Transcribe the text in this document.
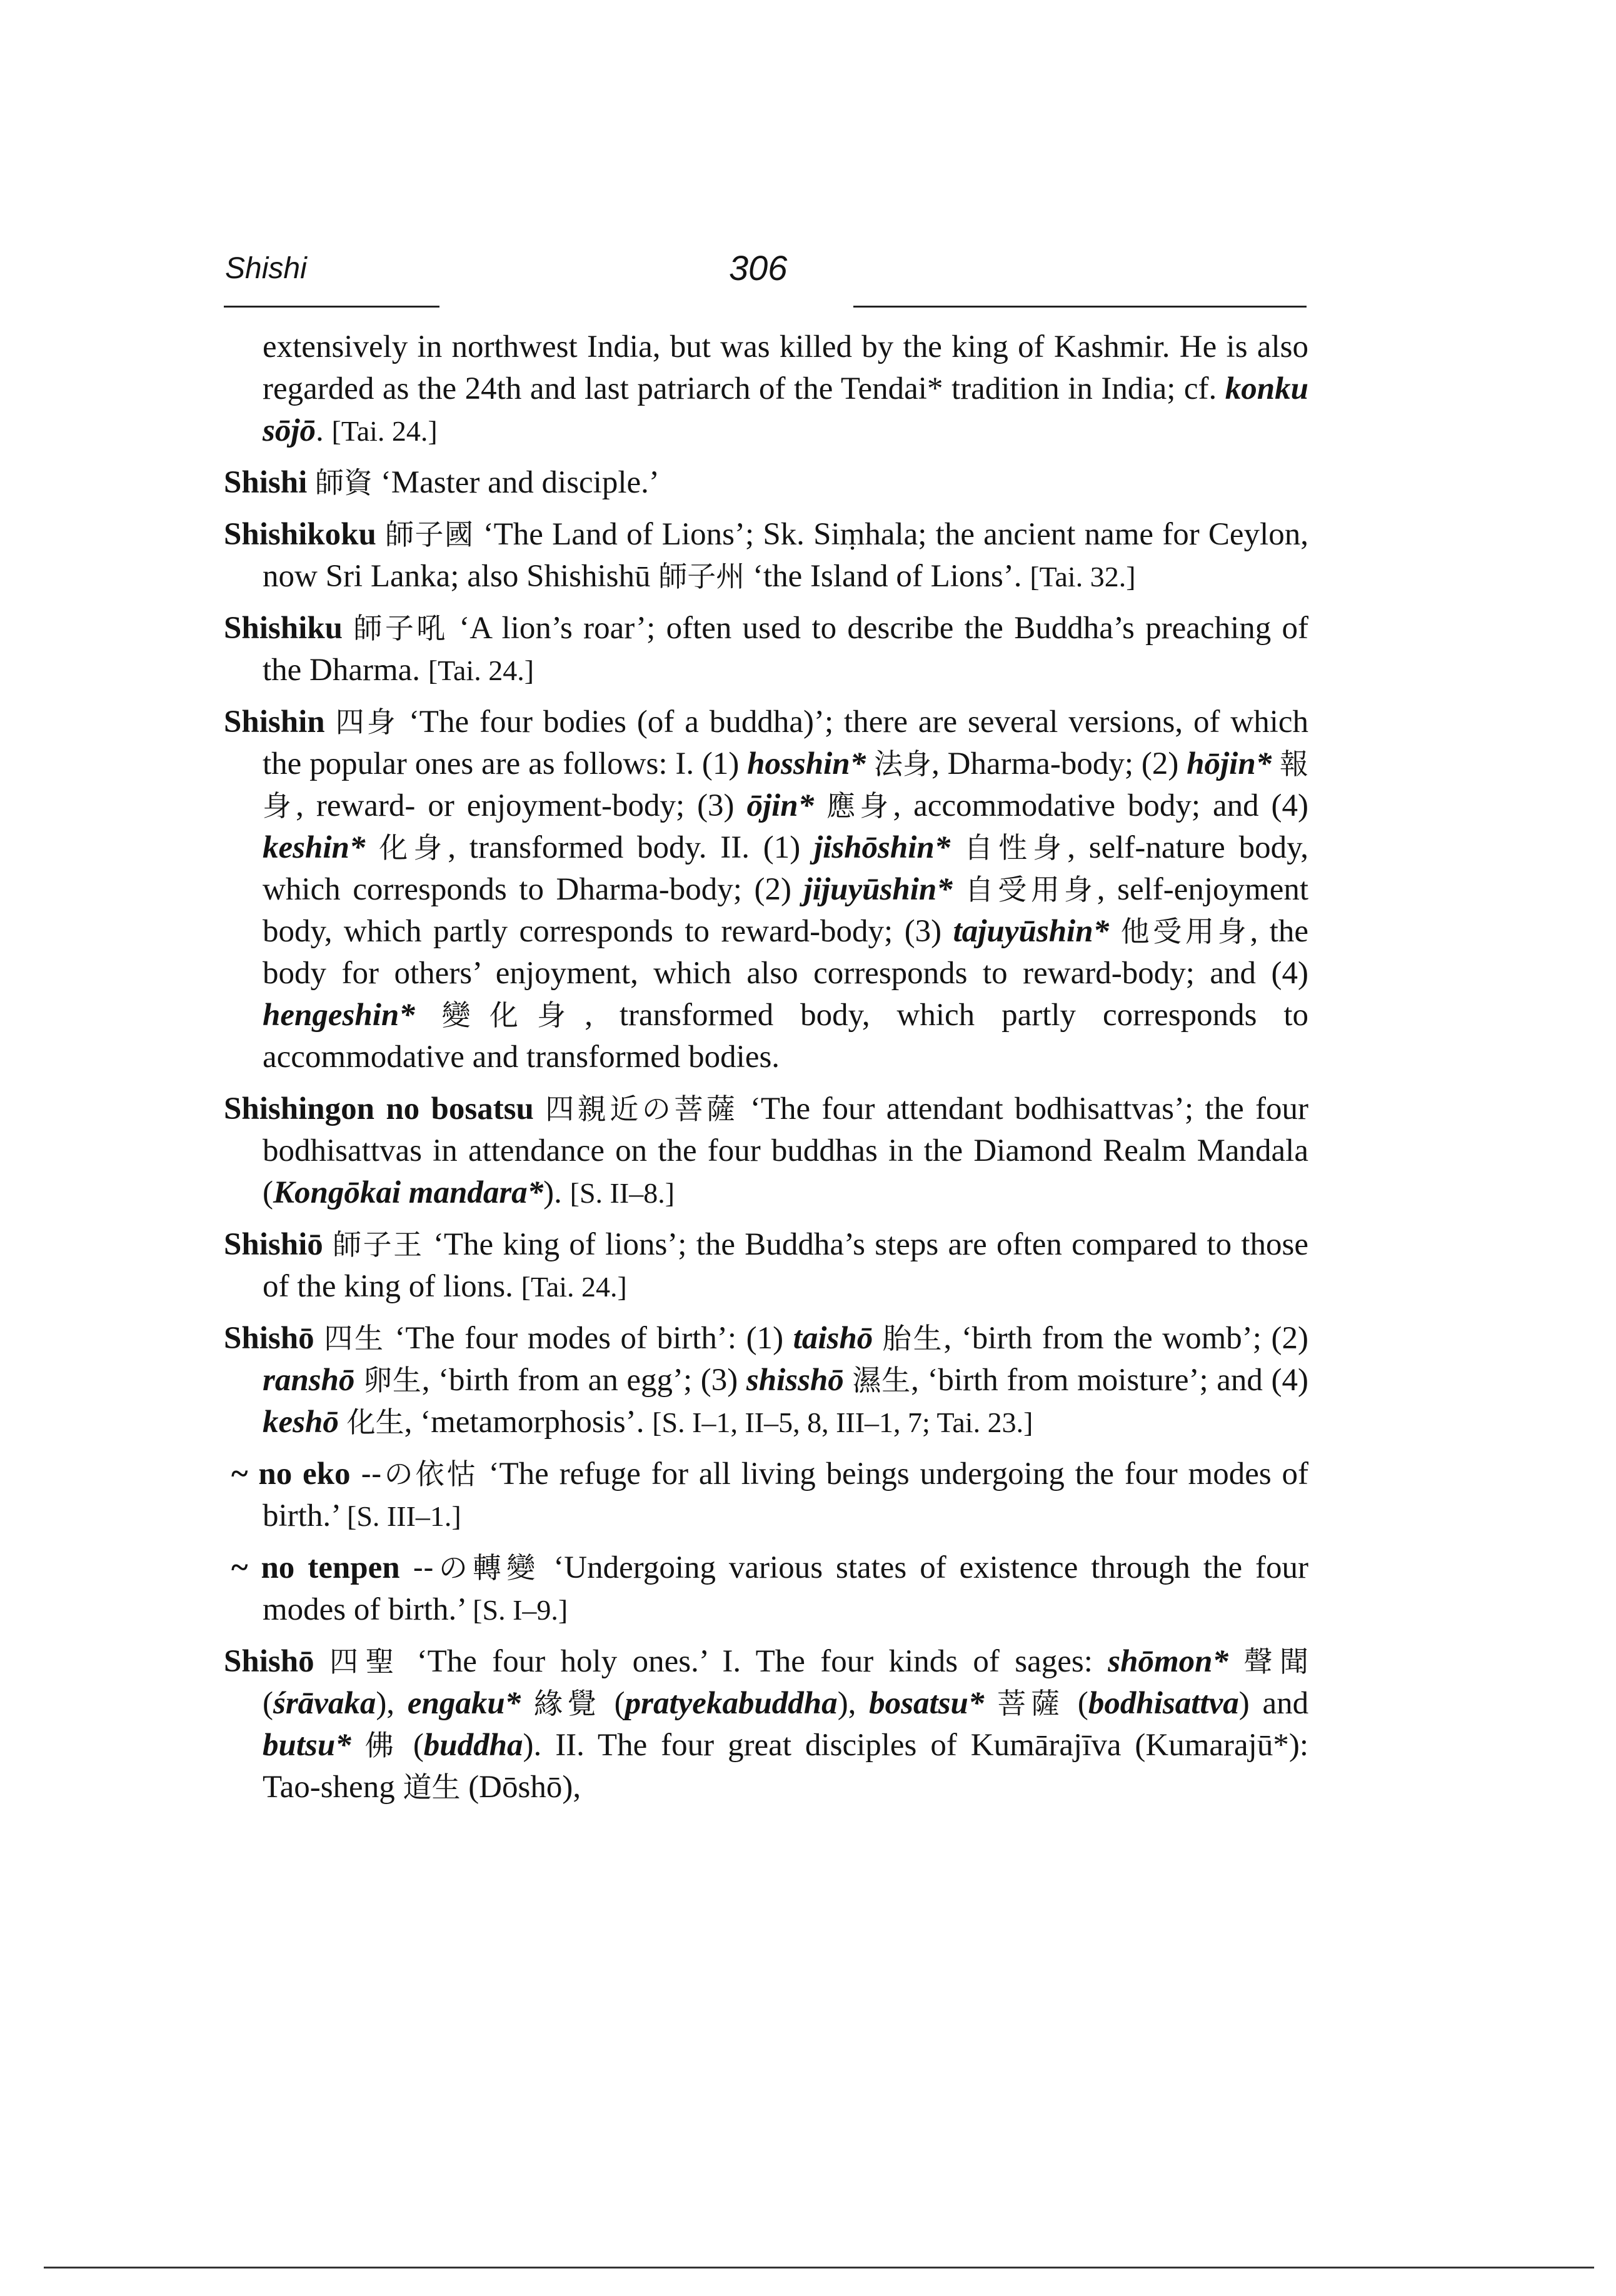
Shishi	306

extensively in northwest India, but was killed by the king of Kashmir. He is also regarded as the 24th and last patriarch of the Tendai* tradition in India; cf. konku sōjō. [Tai. 24.]

Shishi 師資 ‘Master and disciple.’

Shishikoku 師子國 ‘The Land of Lions’; Sk. Siṃhala; the ancient name for Ceylon, now Sri Lanka; also Shishishū 師子州 ‘the Island of Lions’. [Tai. 32.]

Shishiku 師子吼 ‘A lion’s roar’; often used to describe the Buddha’s preaching of the Dharma. [Tai. 24.]

Shishin 四身 ‘The four bodies (of a buddha)’; there are several versions, of which the popular ones are as follows: I. (1) hosshin* 法身, Dharma-body; (2) hōjin* 報身, reward- or enjoyment-body; (3) ōjin* 應身, accommodative body; and (4) keshin* 化身, transformed body. II. (1) jishōshin* 自性身, self-nature body, which corresponds to Dharma-body; (2) jijuyūshin* 自受用身, self-enjoyment body, which partly corresponds to reward-body; (3) tajuyūshin* 他受用身, the body for others’ enjoyment, which also corresponds to reward-body; and (4) hengeshin* 變化身, transformed body, which partly corresponds to accommodative and transformed bodies.

Shishingon no bosatsu 四親近の菩薩 ‘The four attendant bodhisattvas’; the four bodhisattvas in attendance on the four buddhas in the Diamond Realm Mandala (Kongōkai mandara*). [S. II–8.]

Shishiō 師子王 ‘The king of lions’; the Buddha’s steps are often compared to those of the king of lions. [Tai. 24.]

Shishō 四生 ‘The four modes of birth’: (1) taishō 胎生, ‘birth from the womb’; (2) ranshō 卵生, ‘birth from an egg’; (3) shisshō 濕生, ‘birth from moisture’; and (4) keshō 化生, ‘metamorphosis’. [S. I–1, II–5, 8, III–1, 7; Tai. 23.]

~ no eko --の依怙 ‘The refuge for all living beings undergoing the four modes of birth.’ [S. III–1.]

~ no tenpen --の轉變 ‘Undergoing various states of existence through the four modes of birth.’ [S. I–9.]

Shishō 四聖 ‘The four holy ones.’ I. The four kinds of sages: shōmon* 聲聞 (śrāvaka), engaku* 緣覺 (pratyekabuddha), bosatsu* 菩薩 (bodhisattva) and butsu* 佛 (buddha). II. The four great disciples of Kumārajīva (Kumarajū*): Tao-sheng 道生 (Dōshō),
